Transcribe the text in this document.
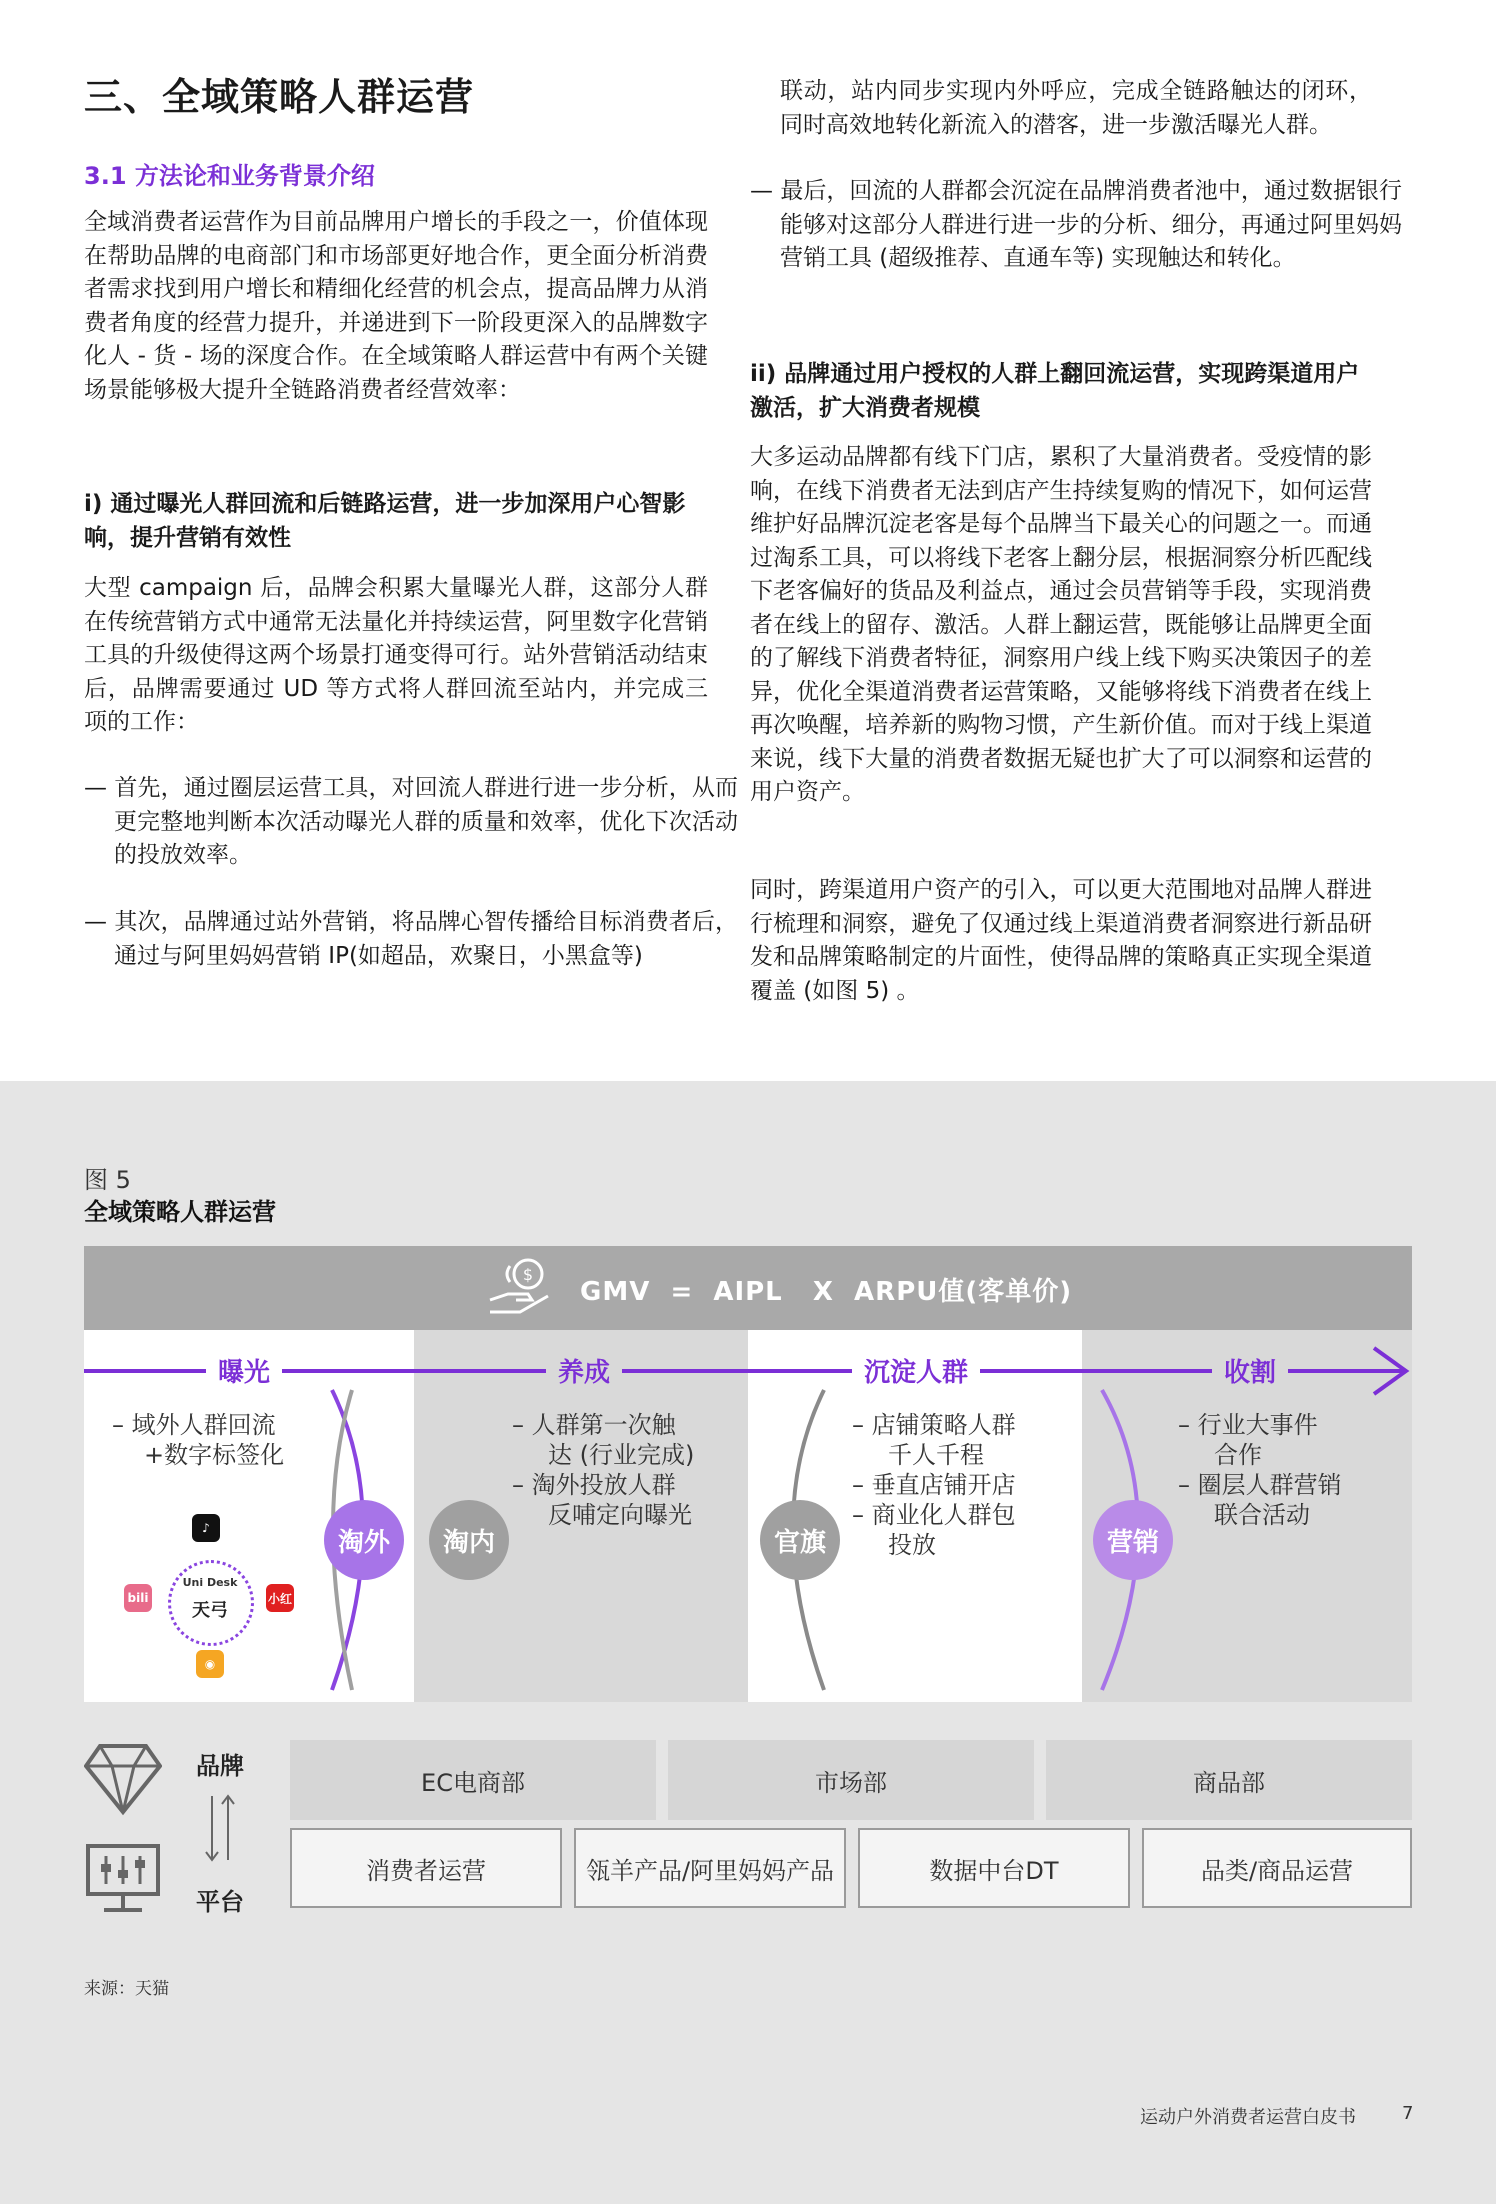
三、全域策略人群运营
3.1 方法论和业务背景介绍
全域消费者运营作为目前品牌用户增长的手段之一，价值体现在帮助品牌的电商部门和市场部更好地合作，更全面分析消费者需求找到用户增长和精细化经营的机会点，提高品牌力从消费者角度的经营力提升，并递进到下一阶段更深入的品牌数字化人 - 货 - 场的深度合作。在全域策略人群运营中有两个关键场景能够极大提升全链路消费者经营效率：
i) 通过曝光人群回流和后链路运营，进一步加深用户心智影响，提升营销有效性
大型 campaign 后，品牌会积累大量曝光人群，这部分人群在传统营销方式中通常无法量化并持续运营，阿里数字化营销工具的升级使得这两个场景打通变得可行。站外营销活动结束后，品牌需要通过 UD 等方式将人群回流至站内，并完成三项的工作：
— 首先，通过圈层运营工具，对回流人群进行进一步分析，从而更完整地判断本次活动曝光人群的质量和效率，优化下次活动的投放效率。
— 其次，品牌通过站外营销，将品牌心智传播给目标消费者后，通过与阿里妈妈营销 IP(如超品，欢聚日，小黑盒等)
联动，站内同步实现内外呼应，完成全链路触达的闭环，同时高效地转化新流入的潜客，进一步激活曝光人群。
— 最后，回流的人群都会沉淀在品牌消费者池中，通过数据银行能够对这部分人群进行进一步的分析、细分，再通过阿里妈妈营销工具 (超级推荐、直通车等) 实现触达和转化。
ii) 品牌通过用户授权的人群上翻回流运营，实现跨渠道用户激活，扩大消费者规模
大多运动品牌都有线下门店，累积了大量消费者。受疫情的影响，在线下消费者无法到店产生持续复购的情况下，如何运营维护好品牌沉淀老客是每个品牌当下最关心的问题之一。而通过淘系工具，可以将线下老客上翻分层，根据洞察分析匹配线下老客偏好的货品及利益点，通过会员营销等手段，实现消费者在线上的留存、激活。人群上翻运营，既能够让品牌更全面的了解线下消费者特征，洞察用户线上线下购买决策因子的差异，优化全渠道消费者运营策略，又能够将线下消费者在线上再次唤醒，培养新的购物习惯，产生新价值。而对于线上渠道来说，线下大量的消费者数据无疑也扩大了可以洞察和运营的用户资产。
同时，跨渠道用户资产的引入，可以更大范围地对品牌人群进行梳理和洞察，避免了仅通过线上渠道消费者洞察进行新品研发和品牌策略制定的片面性，使得品牌的策略真正实现全渠道覆盖 (如图 5) 。
图 5
全域策略人群运营
$
GMV  =  AIPL   X  ARPU值(客单价)
曝光	养成	沉淀人群	收割
淘外	淘内	官旗	营销
– 域外人群回流
+数字标签化
– 人群第一次触
达 (行业完成)
– 淘外投放人群
反哺定向曝光
– 店铺策略人群
千人千程
– 垂直店铺开店
– 商业化人群包
投放
– 行业大事件
合作
– 圈层人群营销
联合活动
♪
bili	小红
◉
Uni Desk
天弓
品牌
平台
EC电商部	市场部	商品部
消费者运营	瓴羊产品/阿里妈妈产品	数据中台DT	品类/商品运营
来源：天猫
运动户外消费者运营白皮书	7
